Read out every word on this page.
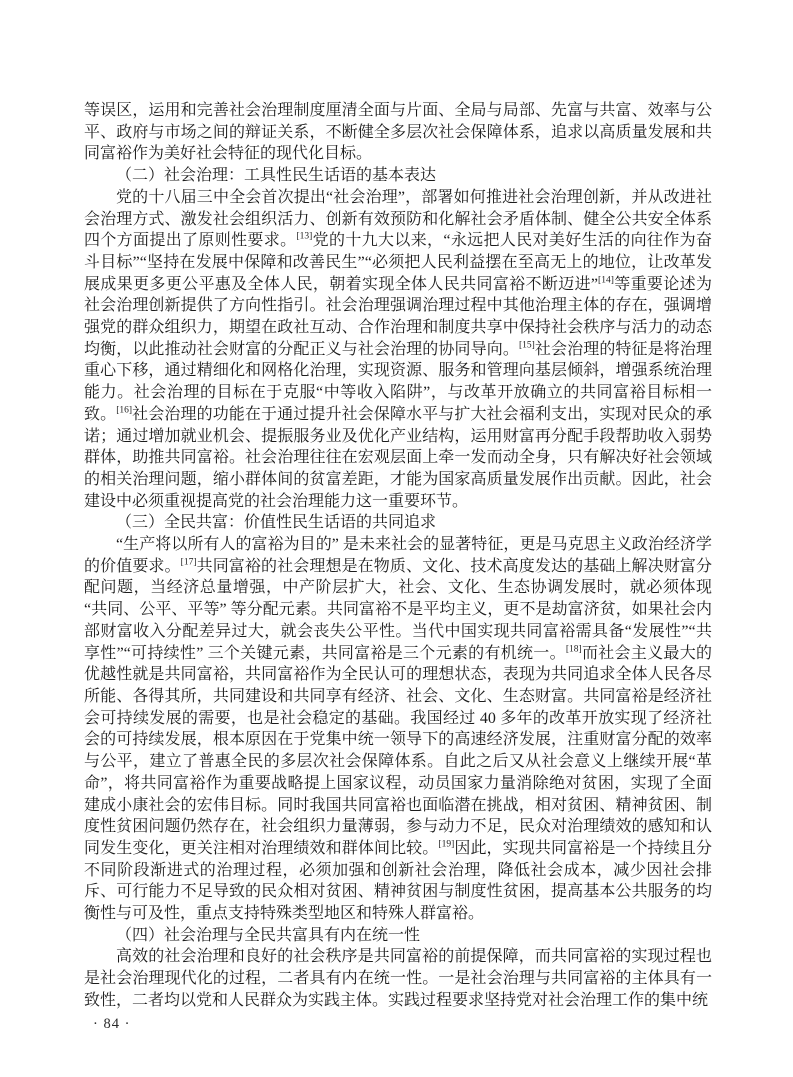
等误区，运用和完善社会治理制度厘清全面与片面、全局与局部、先富与共富、效率与公平、政府与市场之间的辩证关系，不断健全多层次社会保障体系，追求以高质量发展和共同富裕作为美好社会特征的现代化目标。

（二）社会治理：工具性民生话语的基本表达

党的十八届三中全会首次提出“社会治理”，部署如何推进社会治理创新，并从改进社会治理方式、激发社会组织活力、创新有效预防和化解社会矛盾体制、健全公共安全体系四个方面提出了原则性要求。[13]党的十九大以来，“永远把人民对美好生活的向往作为奋斗目标”“坚持在发展中保障和改善民生”“必须把人民利益摆在至高无上的地位，让改革发展成果更多更公平惠及全体人民，朝着实现全体人民共同富裕不断迈进”[14]等重要论述为社会治理创新提供了方向性指引。社会治理强调治理过程中其他治理主体的存在，强调增强党的群众组织力，期望在政社互动、合作治理和制度共享中保持社会秩序与活力的动态均衡，以此推动社会财富的分配正义与社会治理的协同导向。[15]社会治理的特征是将治理重心下移，通过精细化和网格化治理，实现资源、服务和管理向基层倾斜，增强系统治理能力。社会治理的目标在于克服“中等收入陷阱”，与改革开放确立的共同富裕目标相一致。[16]社会治理的功能在于通过提升社会保障水平与扩大社会福利支出，实现对民众的承诺；通过增加就业机会、提振服务业及优化产业结构，运用财富再分配手段帮助收入弱势群体，助推共同富裕。社会治理往往在宏观层面上牵一发而动全身，只有解决好社会领域的相关治理问题，缩小群体间的贫富差距，才能为国家高质量发展作出贡献。因此，社会建设中必须重视提高党的社会治理能力这一重要环节。

（三）全民共富：价值性民生话语的共同追求

“生产将以所有人的富裕为目的” 是未来社会的显著特征，更是马克思主义政治经济学的价值要求。[17]共同富裕的社会理想是在物质、文化、技术高度发达的基础上解决财富分配问题，当经济总量增强，中产阶层扩大，社会、文化、生态协调发展时，就必须体现“共同、公平、平等” 等分配元素。共同富裕不是平均主义，更不是劫富济贫，如果社会内部财富收入分配差异过大，就会丧失公平性。当代中国实现共同富裕需具备“发展性”“共享性”“可持续性” 三个关键元素，共同富裕是三个元素的有机统一。[18]而社会主义最大的优越性就是共同富裕，共同富裕作为全民认可的理想状态，表现为共同追求全体人民各尽所能、各得其所，共同建设和共同享有经济、社会、文化、生态财富。共同富裕是经济社会可持续发展的需要，也是社会稳定的基础。我国经过 40 多年的改革开放实现了经济社会的可持续发展，根本原因在于党集中统一领导下的高速经济发展，注重财富分配的效率与公平，建立了普惠全民的多层次社会保障体系。自此之后又从社会意义上继续开展“革命”，将共同富裕作为重要战略提上国家议程，动员国家力量消除绝对贫困，实现了全面建成小康社会的宏伟目标。同时我国共同富裕也面临潜在挑战，相对贫困、精神贫困、制度性贫困问题仍然存在，社会组织力量薄弱，参与动力不足，民众对治理绩效的感知和认同发生变化，更关注相对治理绩效和群体间比较。[19]因此，实现共同富裕是一个持续且分不同阶段渐进式的治理过程，必须加强和创新社会治理，降低社会成本，减少因社会排斥、可行能力不足导致的民众相对贫困、精神贫困与制度性贫困，提高基本公共服务的均衡性与可及性，重点支持特殊类型地区和特殊人群富裕。

（四）社会治理与全民共富具有内在统一性

高效的社会治理和良好的社会秩序是共同富裕的前提保障，而共同富裕的实现过程也是社会治理现代化的过程，二者具有内在统一性。一是社会治理与共同富裕的主体具有一致性，二者均以党和人民群众为实践主体。实践过程要求坚持党对社会治理工作的集中统

· 84 ·
